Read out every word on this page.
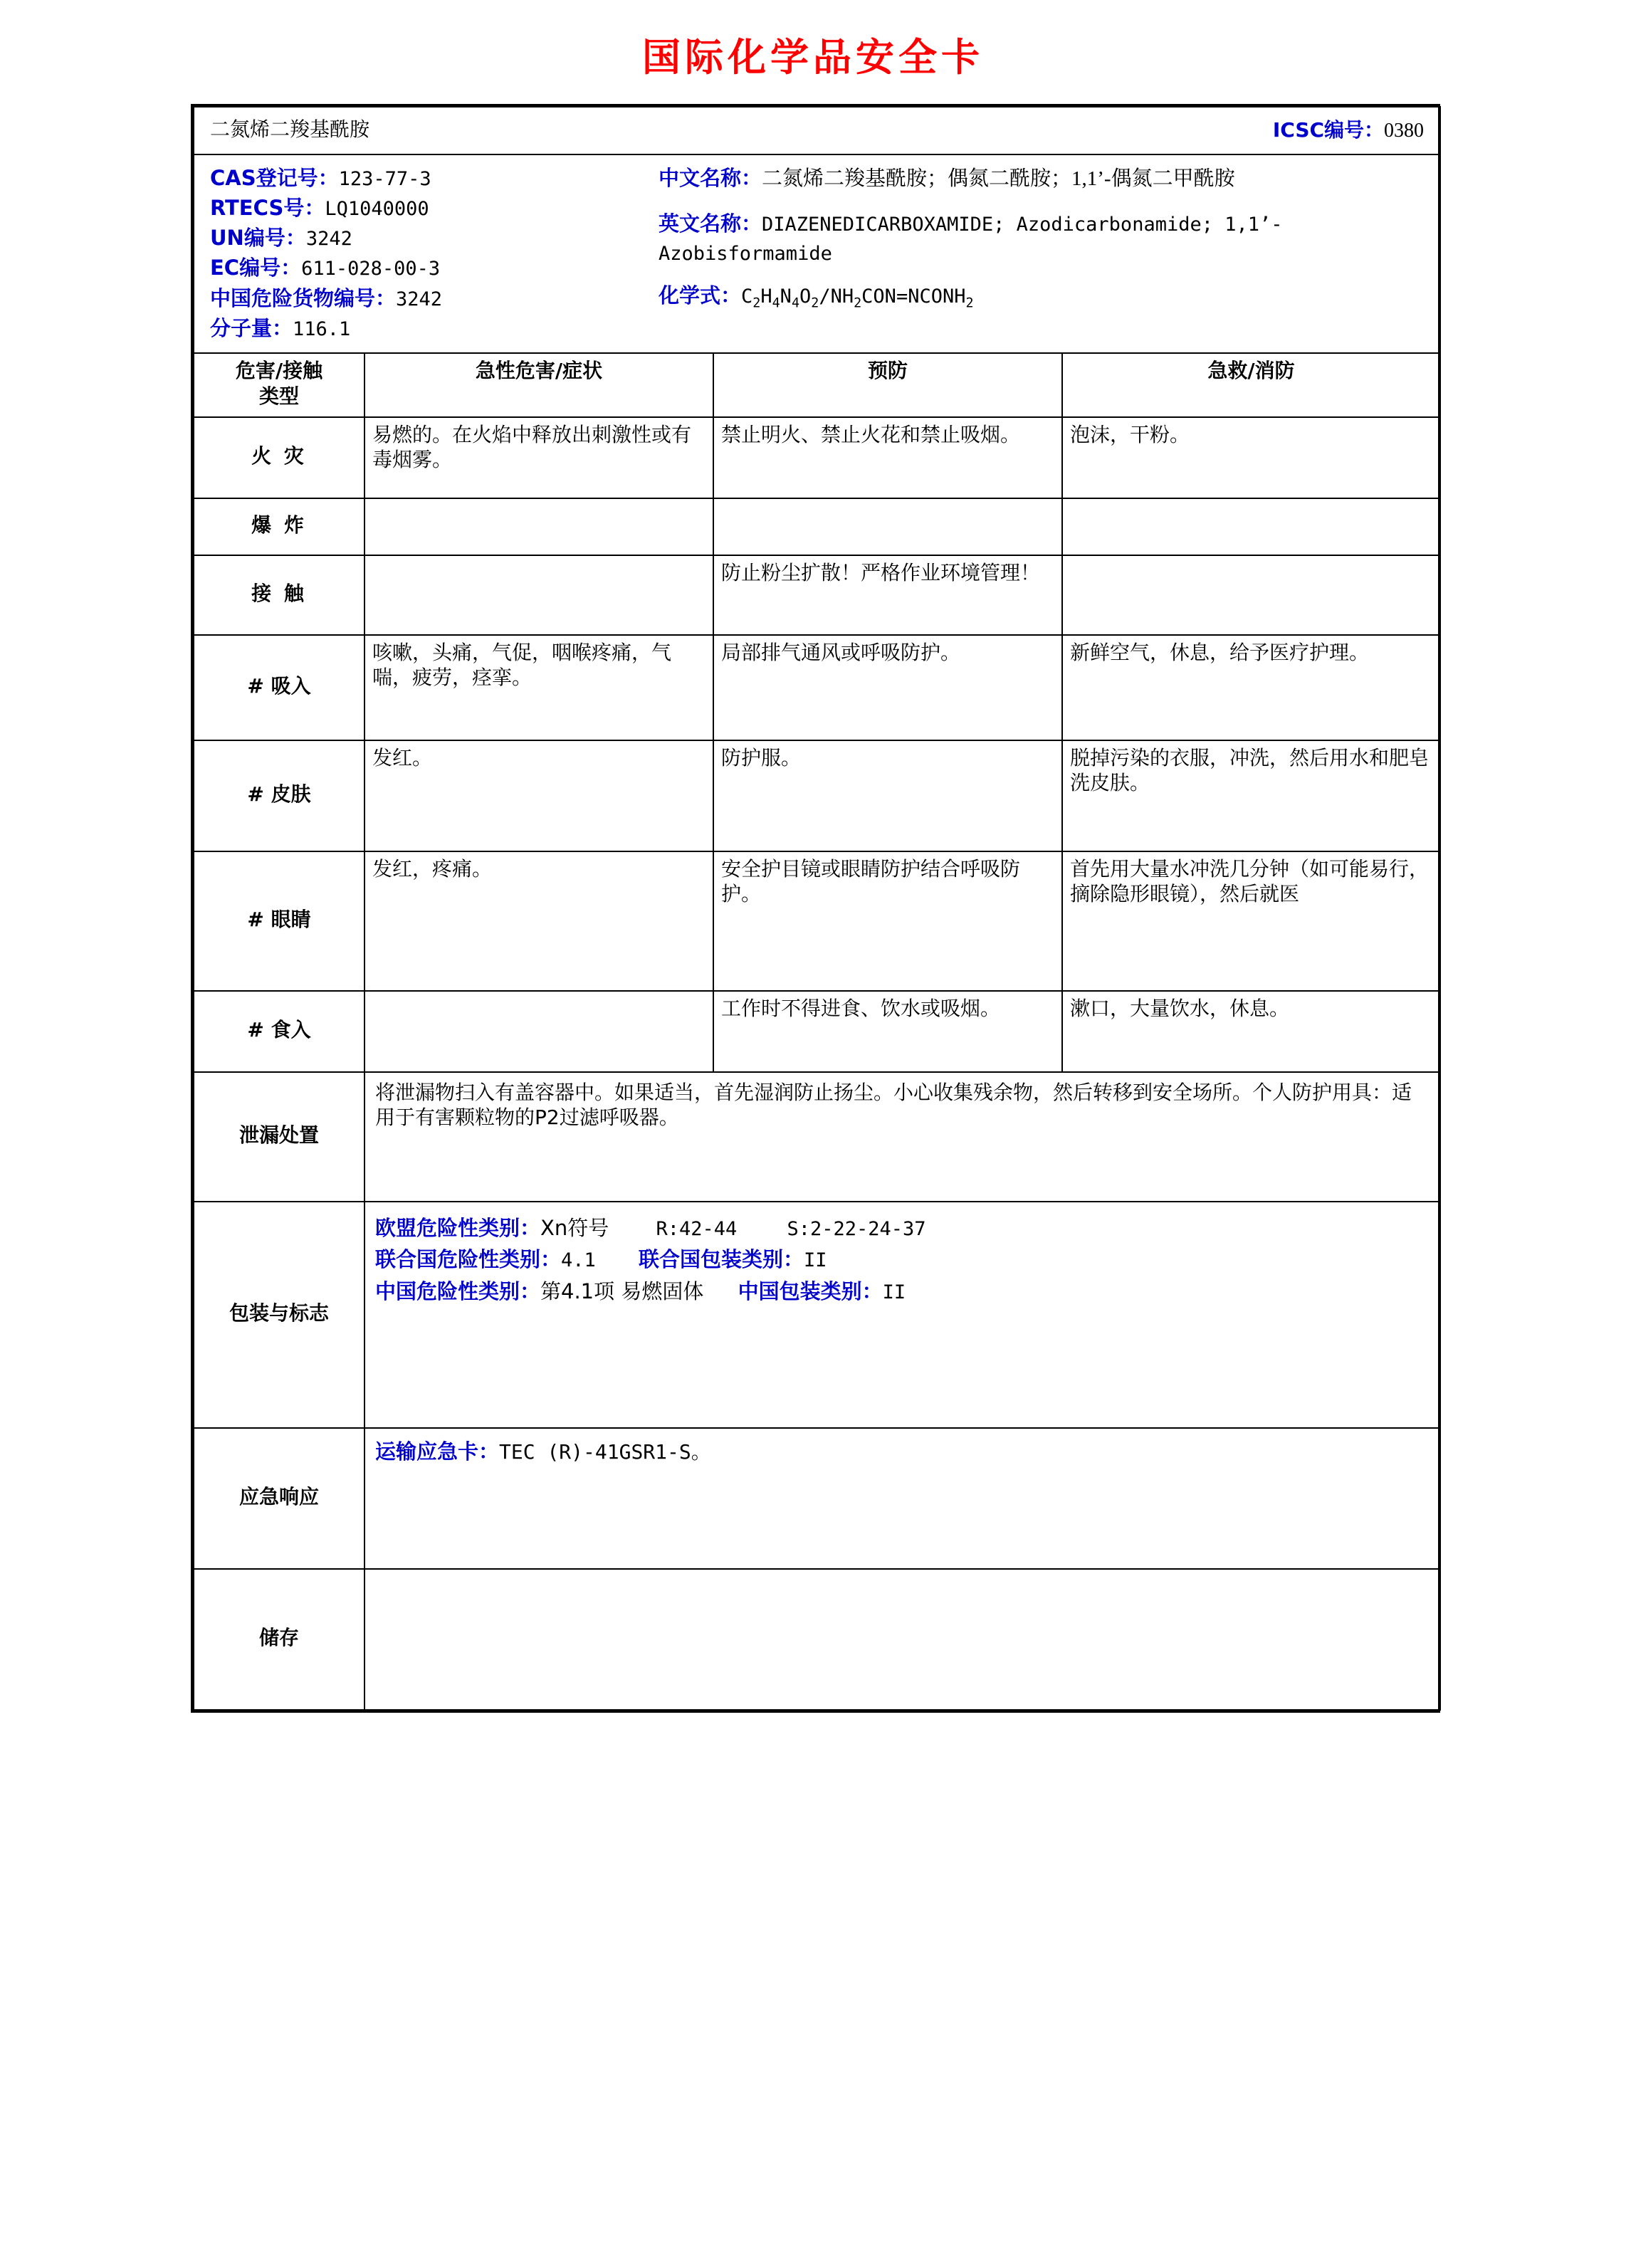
国际化学品安全卡
二氮烯二羧基酰胺		ICSC编号：0380	

CAS登记号：123-77-3
RTECS号：LQ1040000
UN编号：3242
EC编号：611-028-00-3
中国危险货物编号：3242
分子量：116.1
中文名称：二氮烯二羧基酰胺；偶氮二酰胺；1,1’-偶氮二甲酰胺
英文名称：DIAZENEDICARBOXAMIDE; Azodicarbonamide; 1,1’-Azobisformamide
化学式：$C_2H_4N_4O_2/NH_2CON=NCONH_2$

危害/接触
类型	急性危害/症状	预防	急救/消防
火 灾	易燃的。在火焰中释放出刺激性或有毒烟雾。	禁止明火、禁止火花和禁止吸烟。	泡沫，干粉。
爆 炸			
接 触		防止粉尘扩散！严格作业环境管理！	
# 吸入	咳嗽，头痛，气促，咽喉疼痛，气喘，疲劳，痉挛。	局部排气通风或呼吸防护。	新鲜空气，休息，给予医疗护理。
# 皮肤	发红。	防护服。	脱掉污染的衣服，冲洗，然后用水和肥皂洗皮肤。
# 眼睛	发红，疼痛。	安全护目镜或眼睛防护结合呼吸防护。	首先用大量水冲洗几分钟（如可能易行，摘除隐形眼镜），然后就医
# 食入		工作时不得进食、饮水或吸烟。	漱口，大量饮水，休息。
泄漏处置	将泄漏物扫入有盖容器中。如果适当，首先湿润防止扬尘。小心收集残余物，然后转移到安全场所。个人防护用具：适用于有害颗粒物的P2过滤呼吸器。		
包装与标志	欧盟危险性类别：Xn符号 R:42-44 S:2-22-24-37
联合国危险性类别：4.1 联合国包装类别：II
中国危险性类别：第4.1项 易燃固体 中国包装类别：II		

应急响应	运输应急卡：TEC (R)-41GSR1-S。		

储存			
